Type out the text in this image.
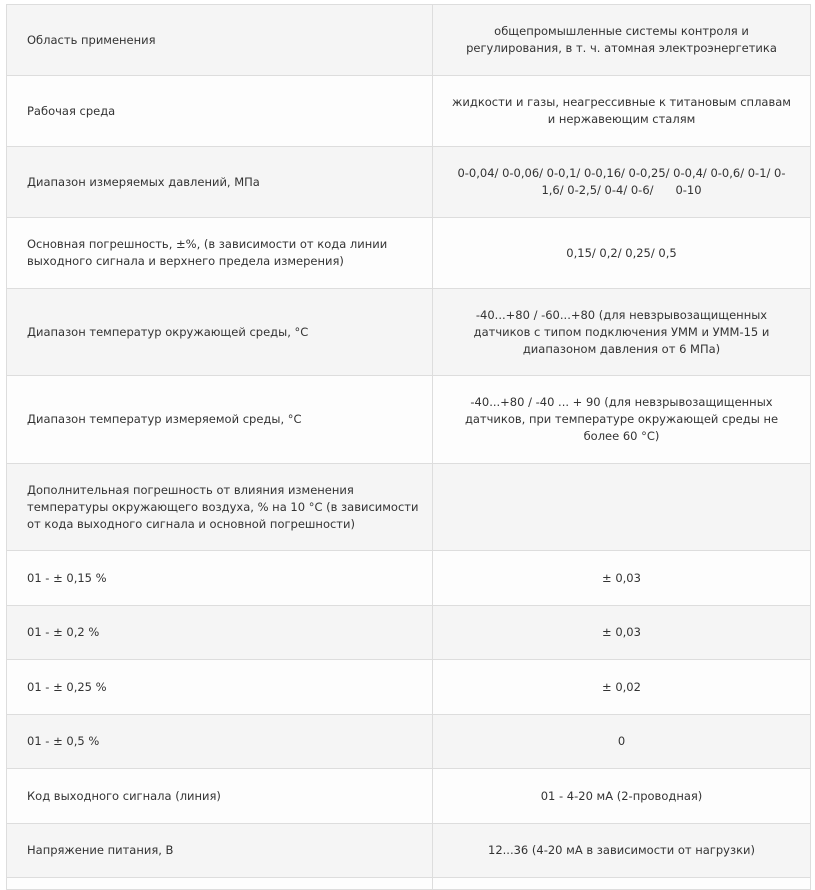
Область применения	общепромышленные системы контроля и регулирования, в т. ч. атомная электроэнергетика
Рабочая среда	жидкости и газы, неагрессивные к титановым сплавам и нержавеющим сталям
Диапазон измеряемых давлений, МПа	0-0,04/ 0-0,06/ 0-0,1/ 0-0,16/ 0-0,25/ 0-0,4/ 0-0,6/ 0-1/ 0-1,6/ 0-2,5/ 0-4/ 0-6/      0-10
Основная погрешность, ±%, (в зависимости от кода линии выходного сигнала и верхнего предела измерения)	0,15/ 0,2/ 0,25/ 0,5
Диапазон температур окружающей среды, °С	-40...+80 / -60...+80 (для невзрывозащищенных датчиков с типом подключения УММ и УММ-15 и диапазоном давления от 6 МПа)
Диапазон температур измеряемой среды, °С	-40...+80 / -40 ... + 90 (для невзрывозащищенных датчиков, при температуре окружающей среды не более 60 °С)
Дополнительная погрешность от влияния изменения температуры окружающего воздуха, % на 10 °С (в зависимости от кода выходного сигнала и основной погрешности)	
01 - ± 0,15 %	± 0,03
01 - ± 0,2 %	± 0,03
01 - ± 0,25 %	± 0,02
01 - ± 0,5 %	0
Код выходного сигнала (линия)	01 - 4-20 мА (2-проводная)
Напряжение питания, В	12...36 (4-20 мА в зависимости от нагрузки)
